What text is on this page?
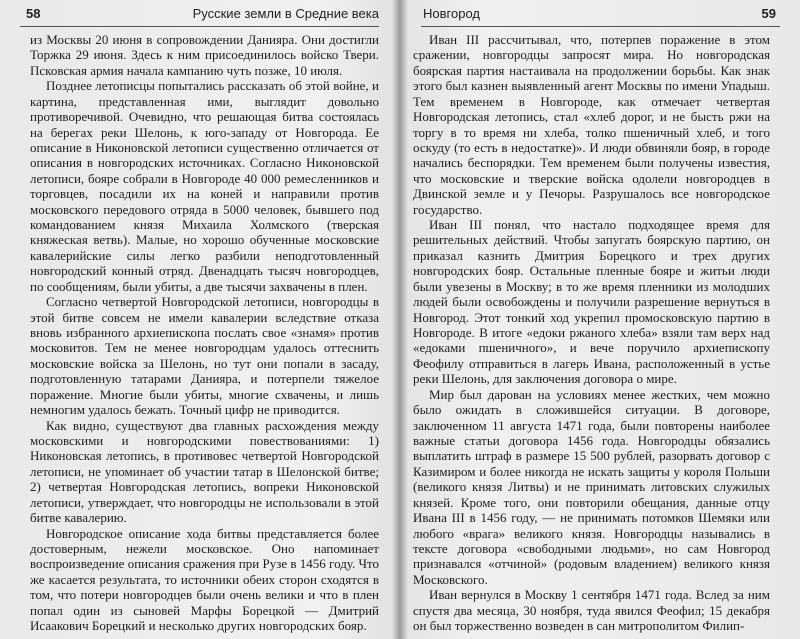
58	Русские земли в Средние века

из Москвы 20 июня в сопровождении Данияра. Они достигли Торжка 29 июня. Здесь к ним присоединилось войско Твери. Псковская армия начала кампанию чуть позже, 10 июля.

Позднее летописцы попытались рассказать об этой войне, и картина, представленная ими, выглядит довольно противоречивой. Очевидно, что решающая битва состоялась на берегах реки Шелонь, к юго-западу от Новгорода. Ее описание в Никоновской летописи существенно отличается от описания в новгородских источниках. Согласно Никоновской летописи, бояре собрали в Новгороде 40 000 ремесленников и торговцев, посадили их на коней и направили против московского передового отряда в 5000 человек, бывшего под командованием князя Михаила Холмского (тверская княжеская ветвь). Малые, но хорошо обученные московские кавалерийские силы легко разбили неподготовленный новгородский конный отряд. Двенадцать тысяч новгородцев, по сообщениям, были убиты, а две тысячи захвачены в плен.

Согласно четвертой Новгородской летописи, новгородцы в этой битве совсем не имели кавалерии вследствие отказа вновь избранного архиепископа послать свое «знамя» против московитов. Тем не менее новгородцам удалось оттеснить московские войска за Шелонь, но тут они попали в засаду, подготовленную татарами Данияра, и потерпели тяжелое поражение. Многие были убиты, многие схвачены, и лишь немногим удалось бежать. Точный цифр не приводится.

Как видно, существуют два главных расхождения между московскими и новгородскими повествованиями: 1) Никоновская летопись, в противовес четвертой Новгородской летописи, не упоминает об участии татар в Шелонской битве; 2) четвертая Новгородская летопись, вопреки Никоновской летописи, утверждает, что новгородцы не использовали в этой битве кавалерию.

Новгородское описание хода битвы представляется более достоверным, нежели московское. Оно напоминает воспроизведение описания сражения при Рузе в 1456 году. Что же касается результата, то источники обеих сторон сходятся в том, что потери новгородцев были очень велики и что в плен попал один из сыновей Марфы Борецкой — Дмитрий Исаакович Борецкий и несколько других новгородских бояр.

Новгород	59

Иван III рассчитывал, что, потерпев поражение в этом сражении, новгородцы запросят мира. Но новгородская боярская партия настаивала на продолжении борьбы. Как знак этого был казнен выявленный агент Москвы по имени Упадыш. Тем временем в Новгороде, как отмечает четвертая Новгородская летопись, стал «хлеб дорог, и не бысть ржи на торгу в то время ни хлеба, толко пшеничный хлеб, и того оскуду (то есть в недостатке)». И люди обвиняли бояр, в городе начались беспорядки. Тем временем были получены известия, что московские и тверские войска одолели новгородцев в Двинской земле и у Печоры. Разрушалось все новгородское государство.

Иван III понял, что настало подходящее время для решительных действий. Чтобы запугать боярскую партию, он приказал казнить Дмитрия Борецкого и трех других новгородских бояр. Остальные пленные бояре и житьи люди были увезены в Москву; в то же время пленники из молодших людей были освобождены и получили разрешение вернуться в Новгород. Этот тонкий ход укрепил промосковскую партию в Новгороде. В итоге «едоки ржаного хлеба» взяли там верх над «едоками пшеничного», и вече поручило архиепископу Феофилу отправиться в лагерь Ивана, расположенный в устье реки Шелонь, для заключения договора о мире.

Мир был дарован на условиях менее жестких, чем можно было ожидать в сложившейся ситуации. В договоре, заключенном 11 августа 1471 года, были повторены наиболее важные статьи договора 1456 года. Новгородцы обязались выплатить штраф в размере 15 500 рублей, разорвать договор с Казимиром и более никогда не искать защиты у короля Польши (великого князя Литвы) и не принимать литовских служилых князей. Кроме того, они повторили обещания, данные отцу Ивана III в 1456 году, — не принимать потомков Шемяки или любого «врага» великого князя. Новгородцы назывались в тексте договора «свободными людьми», но сам Новгород признавался «отчиной» (родовым владением) великого князя Московского.

Иван вернулся в Москву 1 сентября 1471 года. Вслед за ним спустя два месяца, 30 ноября, туда явился Феофил; 15 декабря он был торжественно возведен в сан митрополитом Филип-
